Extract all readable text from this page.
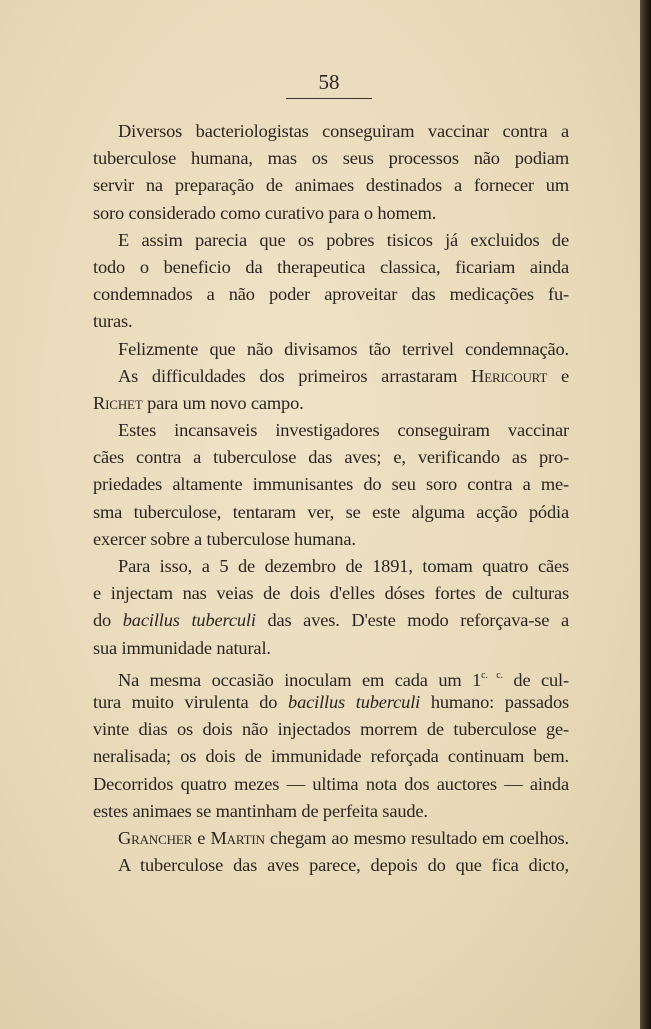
58
Diversos bacteriologistas conseguiram vaccinar contra a
tuberculose humana, mas os seus processos não podiam
servir na preparação de animaes destinados a fornecer um
soro considerado como curativo para o homem.
E assim parecia que os pobres tisicos já excluidos de
todo o beneficio da therapeutica classica, ficariam ainda
condemnados a não poder aproveitar das medicações fu-
turas.
Felizmente que não divisamos tão terrivel condemnação.
As difficuldades dos primeiros arrastaram Hericourt e
Richet para um novo campo.
Estes incansaveis investigadores conseguiram vaccinar
cães contra a tuberculose das aves; e, verificando as pro-
priedades altamente immunisantes do seu soro contra a me-
sma tuberculose, tentaram ver, se este alguma acção pódia
exercer sobre a tuberculose humana.
Para isso, a 5 de dezembro de 1891, tomam quatro cães
e injectam nas veias de dois d'elles dóses fortes de culturas
do bacillus tuberculi das aves. D'este modo reforçava-se a
sua immunidade natural.
Na mesma occasião inoculam em cada um $1^{c. c.}$ de cul-
tura muito virulenta do bacillus tuberculi humano: passados
vinte dias os dois não injectados morrem de tuberculose ge-
neralisada; os dois de immunidade reforçada continuam bem.
Decorridos quatro mezes — ultima nota dos auctores — ainda
estes animaes se mantinham de perfeita saude.
Grancher e Martin chegam ao mesmo resultado em coelhos.
A tuberculose das aves parece, depois do que fica dicto,
